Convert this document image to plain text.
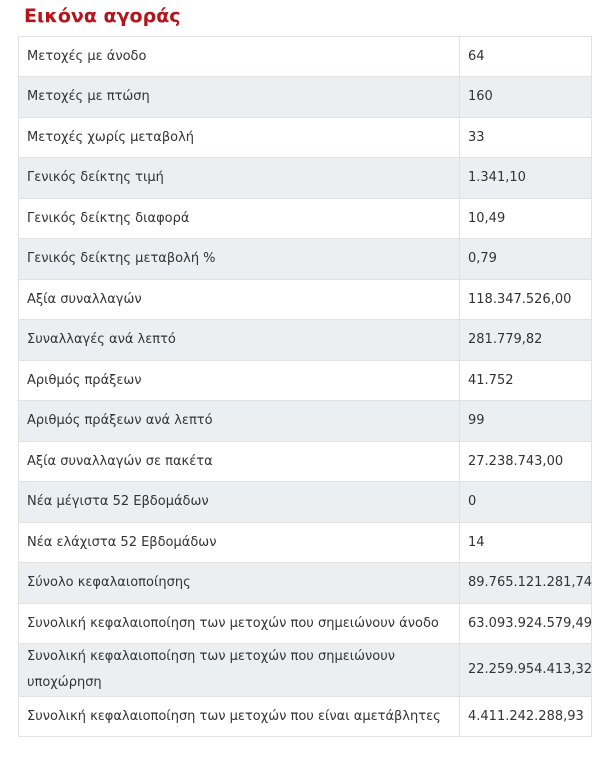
Εικόνα αγοράς
Μετοχές με άνοδο	64
Μετοχές με πτώση	160
Μετοχές χωρίς μεταβολή	33
Γενικός δείκτης τιμή	1.341,10
Γενικός δείκτης διαφορά	10,49
Γενικός δείκτης μεταβολή %	0,79
Αξία συναλλαγών	118.347.526,00
Συναλλαγές ανά λεπτό	281.779,82
Αριθμός πράξεων	41.752
Αριθμός πράξεων ανά λεπτό	99
Αξία συναλλαγών σε πακέτα	27.238.743,00
Νέα μέγιστα 52 Εβδομάδων	0
Νέα ελάχιστα 52 Εβδομάδων	14
Σύνολο κεφαλαιοποίησης	89.765.121.281,74
Συνολική κεφαλαιοποίηση των μετοχών που σημειώνουν άνοδο	63.093.924.579,49
Συνολική κεφαλαιοποίηση των μετοχών που σημειώνουν υποχώρηση	22.259.954.413,32
Συνολική κεφαλαιοποίηση των μετοχών που είναι αμετάβλητες	4.411.242.288,93
